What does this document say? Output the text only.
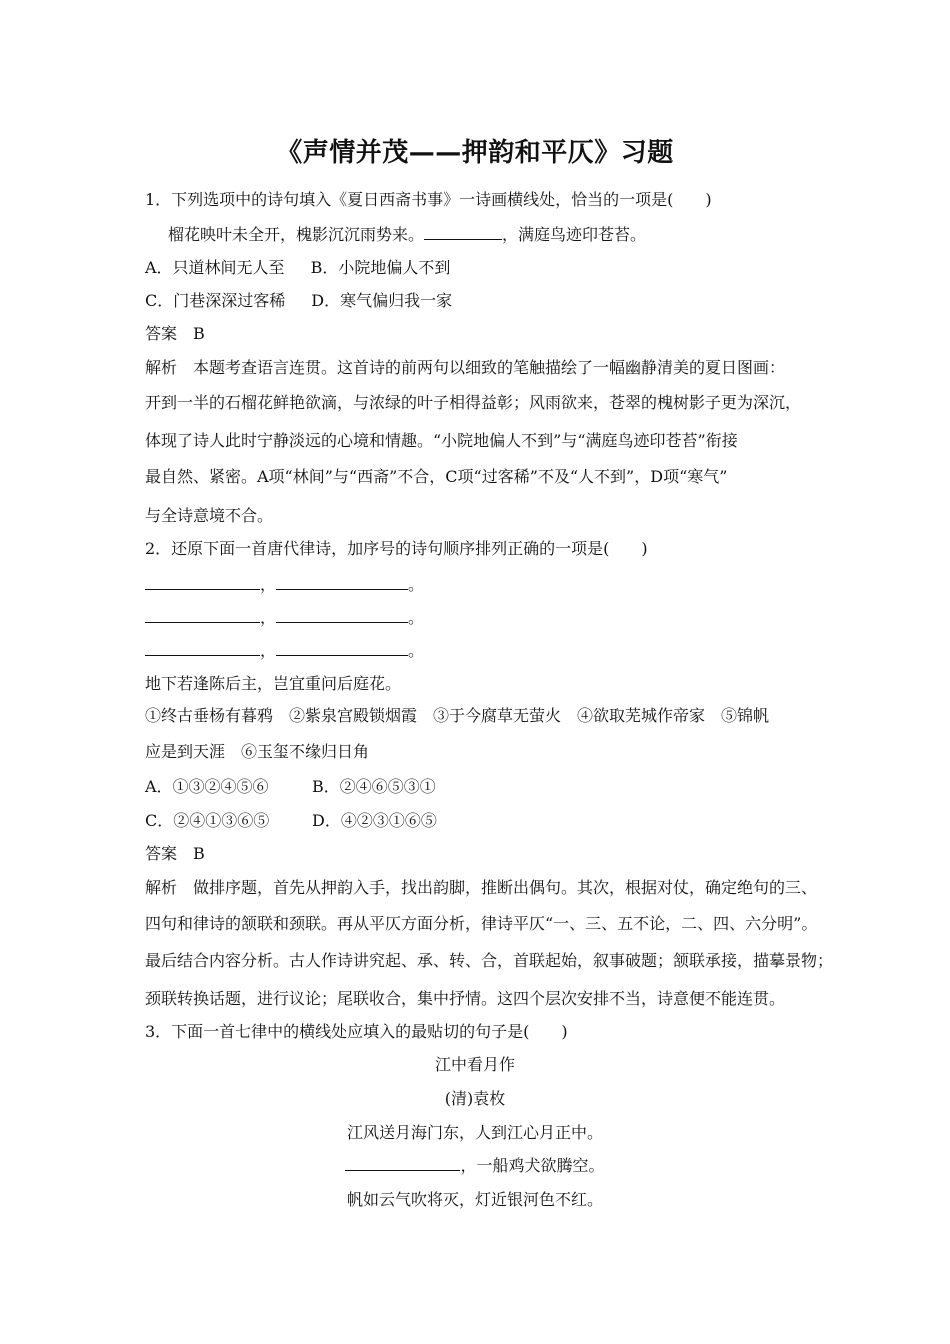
《声情并茂——押韵和平仄》习题
1．下列选项中的诗句填入《夏日西斋书事》一诗画横线处，恰当的一项是(　　)
榴花映叶未全开，槐影沉沉雨势来。	，满庭鸟迹印苍苔。
A．只道林间无人至 B．小院地偏人不到
C．门巷深深过客稀 D．寒气偏归我一家
答案　B
解析　本题考查语言连贯。这首诗的前两句以细致的笔触描绘了一幅幽静清美的夏日图画：
开到一半的石榴花鲜艳欲滴，与浓绿的叶子相得益彰；风雨欲来，苍翠的槐树影子更为深沉，
体现了诗人此时宁静淡远的心境和情趣。“小院地偏人不到”与“满庭鸟迹印苍苔”衔接
最自然、紧密。A项“林间”与“西斋”不合，C项“过客稀”不及“人不到”，D项“寒气”
与全诗意境不合。
2．还原下面一首唐代律诗，加序号的诗句顺序排列正确的一项是(　　)
，	。
，	。
，	。
地下若逢陈后主，岂宜重问后庭花。
①终古垂杨有暮鸦　②紫泉宫殿锁烟霞　③于今腐草无萤火　④欲取芜城作帝家　⑤锦帆
应是到天涯　⑥玉玺不缘归日角
A．①③②④⑤⑥	B．②④⑥⑤③①
C．②④①③⑥⑤	D．④②③①⑥⑤
答案　B
解析　做排序题，首先从押韵入手，找出韵脚，推断出偶句。其次，根据对仗，确定绝句的三、
四句和律诗的颔联和颈联。再从平仄方面分析，律诗平仄“一、三、五不论，二、四、六分明”。
最后结合内容分析。古人作诗讲究起、承、转、合，首联起始，叙事破题；颔联承接，描摹景物；
颈联转换话题，进行议论；尾联收合，集中抒情。这四个层次安排不当，诗意便不能连贯。
3．下面一首七律中的横线处应填入的最贴切的句子是(　　)
江中看月作
(清)袁枚
江风送月海门东，人到江心月正中。
，一船鸡犬欲腾空。
帆如云气吹将灭，灯近银河色不红。
